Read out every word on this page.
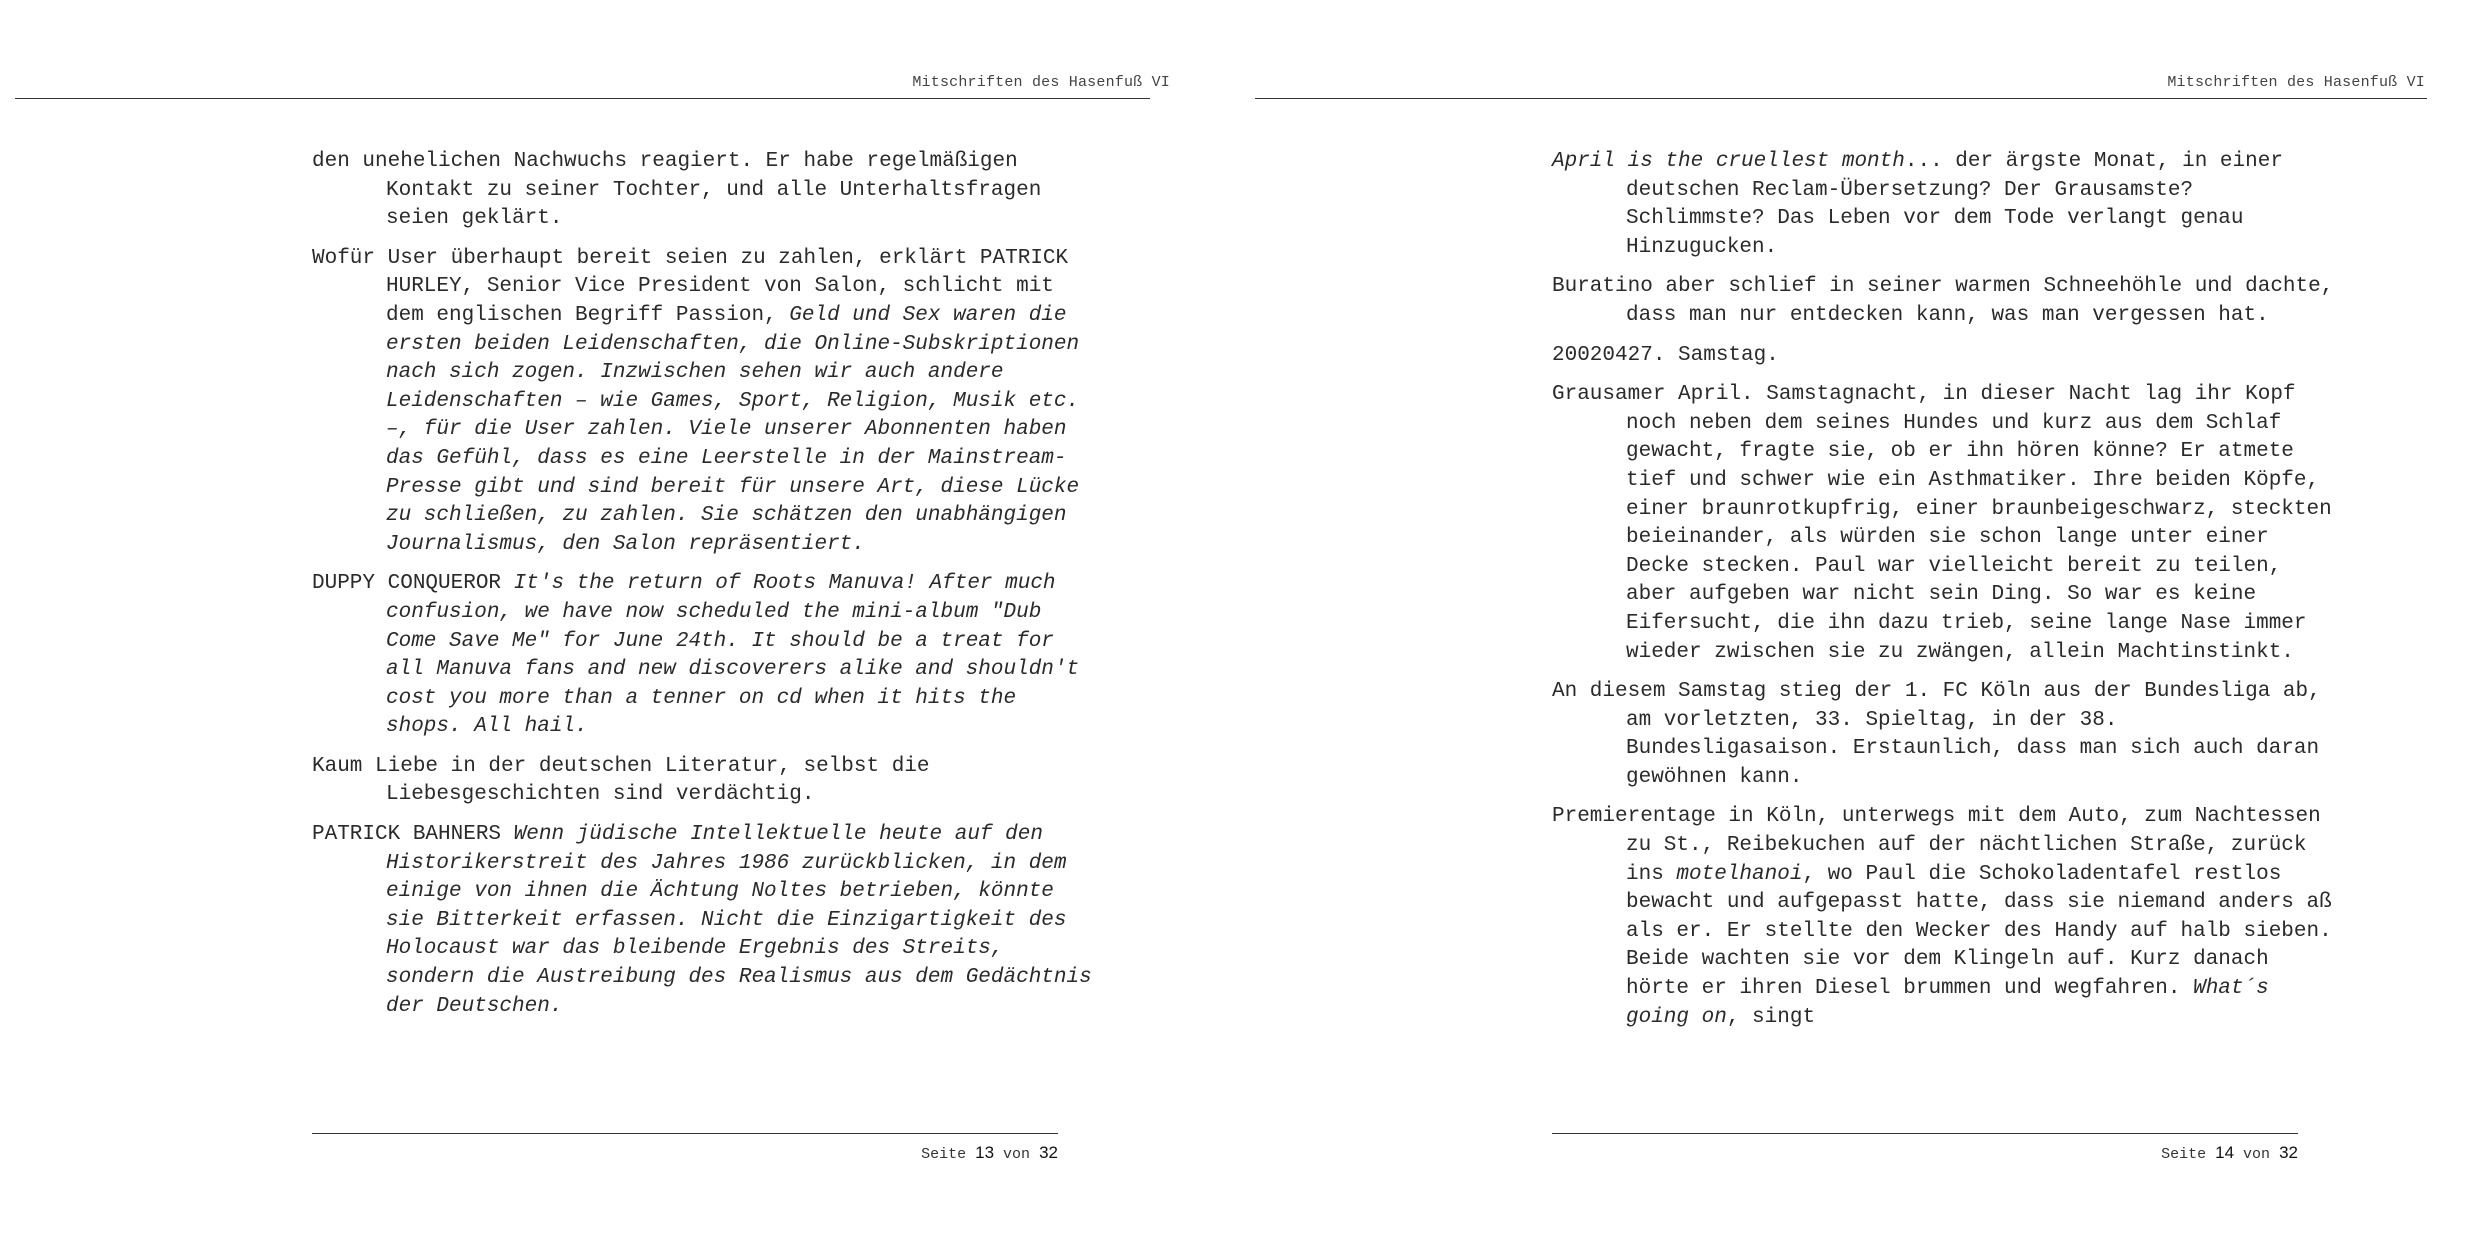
Mitschriften des Hasenfuß VI

den unehelichen Nachwuchs reagiert. Er habe regelmäßigen Kontakt zu seiner Tochter, und alle Unterhaltsfragen seien geklärt.

Wofür User überhaupt bereit seien zu zahlen, erklärt PATRICK HURLEY, Senior Vice President von Salon, schlicht mit dem englischen Begriff Passion, Geld und Sex waren die ersten beiden Leidenschaften, die Online-Subskriptionen nach sich zogen. Inzwischen sehen wir auch andere Leidenschaften – wie Games, Sport, Religion, Musik etc. –, für die User zahlen. Viele unserer Abonnenten haben das Gefühl, dass es eine Leerstelle in der Mainstream-Presse gibt und sind bereit für unsere Art, diese Lücke zu schließen, zu zahlen. Sie schätzen den unabhängigen Journalismus, den Salon repräsentiert.

DUPPY CONQUEROR It's the return of Roots Manuva! After much confusion, we have now scheduled the mini-album "Dub Come Save Me" for June 24th. It should be a treat for all Manuva fans and new discoverers alike and shouldn't cost you more than a tenner on cd when it hits the shops. All hail.

Kaum Liebe in der deutschen Literatur, selbst die Liebesgeschichten sind verdächtig.

PATRICK BAHNERS Wenn jüdische Intellektuelle heute auf den Historikerstreit des Jahres 1986 zurückblicken, in dem einige von ihnen die Ächtung Noltes betrieben, könnte sie Bitterkeit erfassen. Nicht die Einzigartigkeit des Holocaust war das bleibende Ergebnis des Streits, sondern die Austreibung des Realismus aus dem Gedächtnis der Deutschen.

Seite 13 von 32
Mitschriften des Hasenfuß VI

April is the cruellest month... der ärgste Monat, in einer deutschen Reclam-Übersetzung? Der Grausamste? Schlimmste? Das Leben vor dem Tode verlangt genau Hinzugucken.

Buratino aber schlief in seiner warmen Schneehöhle und dachte, dass man nur entdecken kann, was man vergessen hat.

20020427. Samstag.

Grausamer April. Samstagnacht, in dieser Nacht lag ihr Kopf noch neben dem seines Hundes und kurz aus dem Schlaf gewacht, fragte sie, ob er ihn hören könne? Er atmete tief und schwer wie ein Asthmatiker. Ihre beiden Köpfe, einer braunrotkupfrig, einer braunbeigeschwarz, steckten beieinander, als würden sie schon lange unter einer Decke stecken. Paul war vielleicht bereit zu teilen, aber aufgeben war nicht sein Ding. So war es keine Eifersucht, die ihn dazu trieb, seine lange Nase immer wieder zwischen sie zu zwängen, allein Machtinstinkt.

An diesem Samstag stieg der 1. FC Köln aus der Bundesliga ab, am vorletzten, 33. Spieltag, in der 38. Bundesligasaison. Erstaunlich, dass man sich auch daran gewöhnen kann.

Premierentage in Köln, unterwegs mit dem Auto, zum Nachtessen zu St., Reibekuchen auf der nächtlichen Straße, zurück ins motelhanoi, wo Paul die Schokoladentafel restlos bewacht und aufgepasst hatte, dass sie niemand anders aß als er. Er stellte den Wecker des Handy auf halb sieben. Beide wachten sie vor dem Klingeln auf. Kurz danach hörte er ihren Diesel brummen und wegfahren. What´s going on, singt

Seite 14 von 32
